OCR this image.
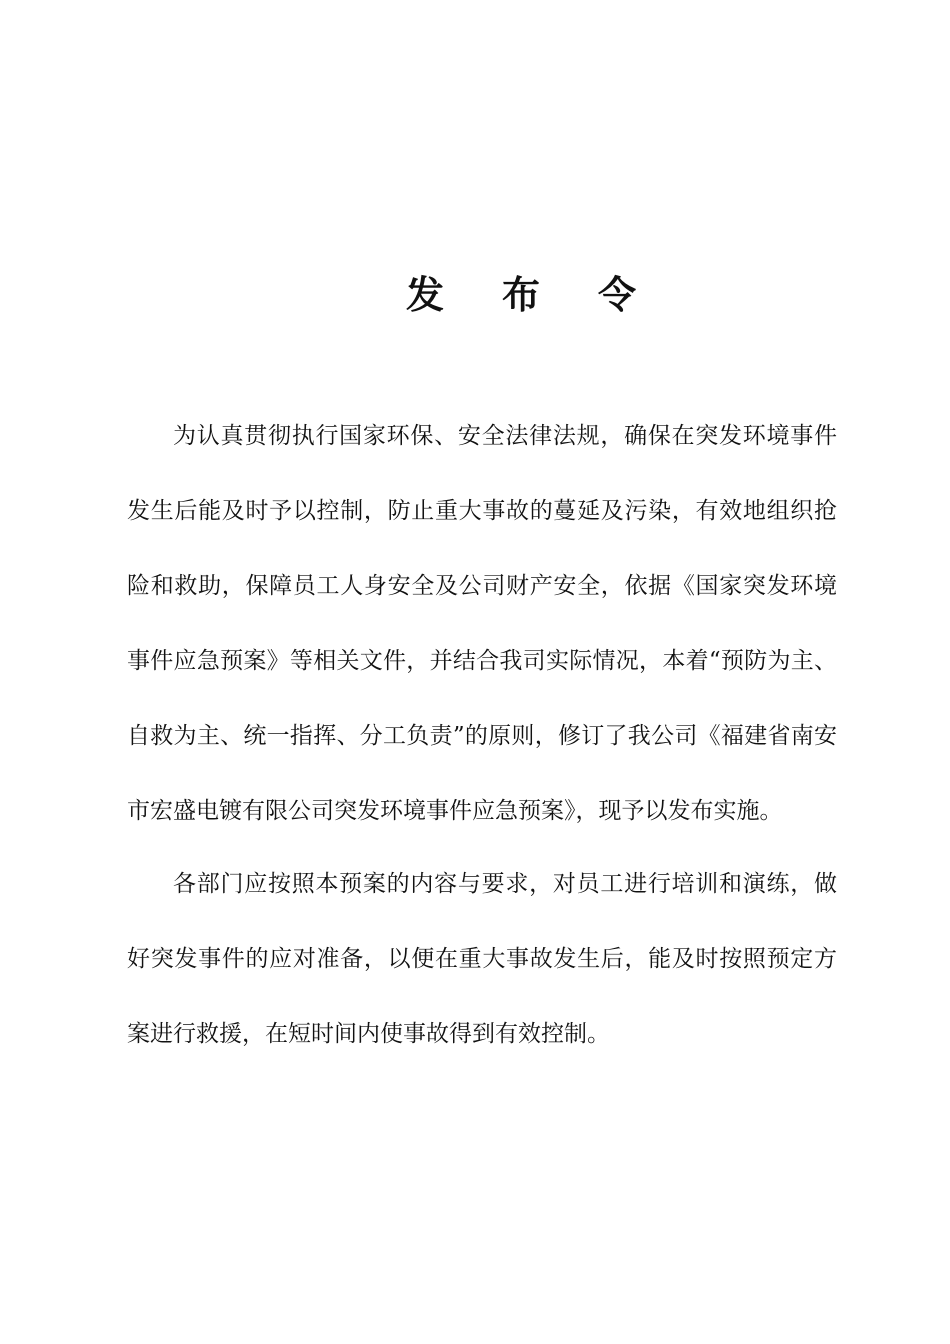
发 布 令

为认真贯彻执行国家环保、安全法律法规，确保在突发环境事件发生后能及时予以控制，防止重大事故的蔓延及污染，有效地组织抢险和救助，保障员工人身安全及公司财产安全，依据《国家突发环境事件应急预案》等相关文件，并结合我司实际情况，本着“预防为主、自救为主、统一指挥、分工负责”的原则，修订了我公司《福建省南安市宏盛电镀有限公司突发环境事件应急预案》，现予以发布实施。

各部门应按照本预案的内容与要求，对员工进行培训和演练，做好突发事件的应对准备，以便在重大事故发生后，能及时按照预定方案进行救援，在短时间内使事故得到有效控制。
